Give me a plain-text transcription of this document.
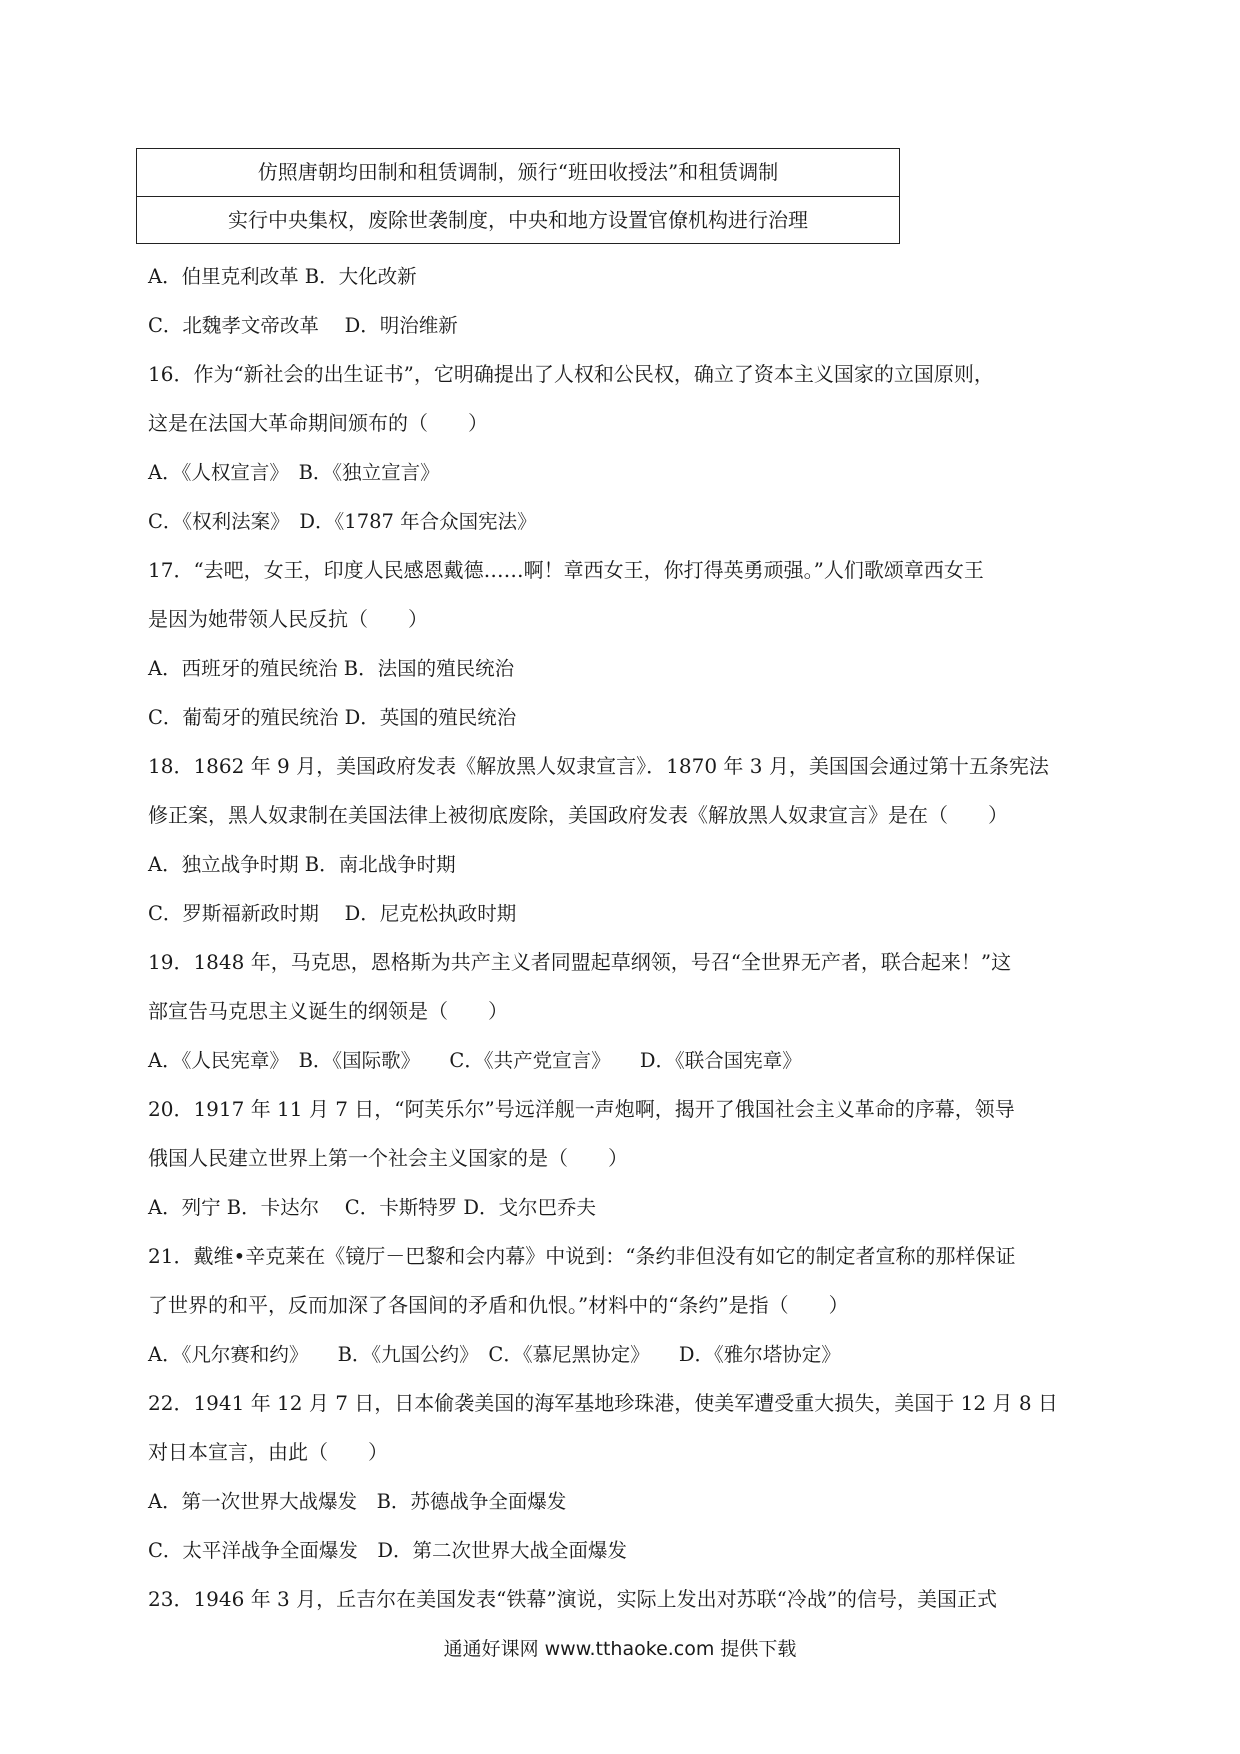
仿照唐朝均田制和租赁调制，颁行“班田收授法”和租赁调制
实行中央集权，废除世袭制度，中央和地方设置官僚机构进行治理
A．伯里克利改革 B．大化改新
C．北魏孝文帝改革　 D．明治维新
16．作为“新社会的出生证书”，它明确提出了人权和公民权，确立了资本主义国家的立国原则，
这是在法国大革命期间颁布的（　　）
A．《人权宣言》　B．《独立宣言》
C．《权利法案》　D．《1787 年合众国宪法》
17．“去吧，女王，印度人民感恩戴德……啊！章西女王，你打得英勇顽强。”人们歌颂章西女王
是因为她带领人民反抗（　　）
A．西班牙的殖民统治 B．法国的殖民统治
C．葡萄牙的殖民统治 D．英国的殖民统治
18．1862 年 9 月，美国政府发表《解放黑人奴隶宣言》．1870 年 3 月，美国国会通过第十五条宪法
修正案，黑人奴隶制在美国法律上被彻底废除，美国政府发表《解放黑人奴隶宣言》是在（　　）
A．独立战争时期 B．南北战争时期
C．罗斯福新政时期　 D．尼克松执政时期
19．1848 年，马克思，恩格斯为共产主义者同盟起草纲领，号召“全世界无产者，联合起来！”这
部宣告马克思主义诞生的纲领是（　　）
A．《人民宪章》　B．《国际歌》　　C．《共产党宣言》　　D．《联合国宪章》
20．1917 年 11 月 7 日，“阿芙乐尔”号远洋舰一声炮啊，揭开了俄国社会主义革命的序幕，领导
俄国人民建立世界上第一个社会主义国家的是（　　）
A．列宁 B．卡达尔　 C．卡斯特罗 D．戈尔巴乔夫
21．戴维•辛克莱在《镜厅－巴黎和会内幕》中说到：“条约非但没有如它的制定者宣称的那样保证
了世界的和平，反而加深了各国间的矛盾和仇恨。”材料中的“条约”是指（　　）
A．《凡尔赛和约》　　B．《九国公约》　C．《慕尼黑协定》　　D．《雅尔塔协定》
22．1941 年 12 月 7 日，日本偷袭美国的海军基地珍珠港，使美军遭受重大损失，美国于 12 月 8 日
对日本宣言，由此（　　）
A．第一次世界大战爆发　B．苏德战争全面爆发
C．太平洋战争全面爆发　D．第二次世界大战全面爆发
23．1946 年 3 月，丘吉尔在美国发表“铁幕”演说，实际上发出对苏联“冷战”的信号，美国正式
通通好课网 www.tthaoke.com 提供下载
